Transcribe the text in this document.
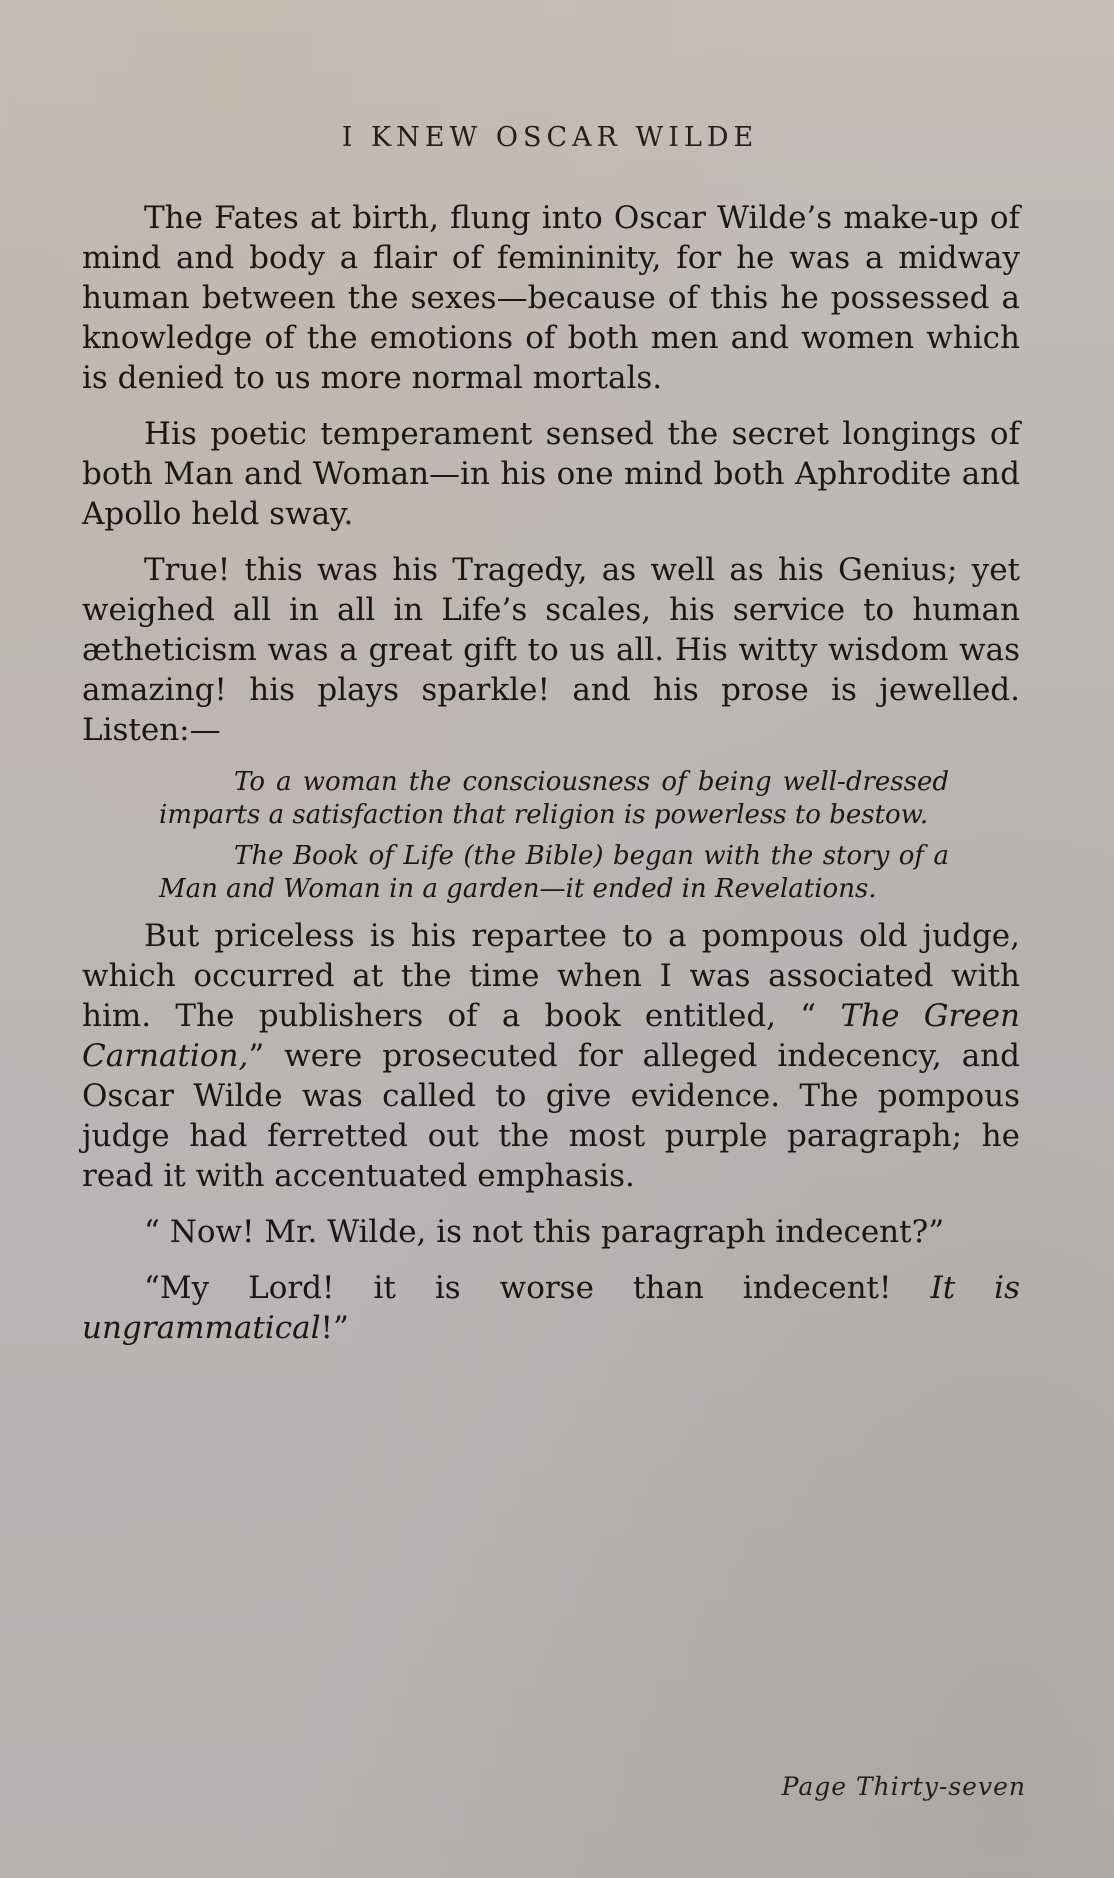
I KNEW OSCAR WILDE

The Fates at birth, flung into Oscar Wilde’s make-up of mind and body a flair of femininity, for he was a midway human between the sexes—because of this he possessed a knowledge of the emotions of both men and women which is denied to us more normal mortals.

His poetic temperament sensed the secret longings of both Man and Woman—in his one mind both Aphrodite and Apollo held sway.

True! this was his Tragedy, as well as his Genius; yet weighed all in all in Life’s scales, his service to human ætheticism was a great gift to us all. His witty wisdom was amazing! his plays sparkle! and his prose is jewelled. Listen:—

To a woman the consciousness of being well-dressed imparts a satisfaction that religion is powerless to bestow.

The Book of Life (the Bible) began with the story of a Man and Woman in a garden—it ended in Revelations.

But priceless is his repartee to a pompous old judge, which occurred at the time when I was associated with him. The publishers of a book entitled, “ The Green Carnation,” were prosecuted for alleged indecency, and Oscar Wilde was called to give evidence. The pompous judge had ferretted out the most purple paragraph; he read it with accentuated emphasis.

“ Now! Mr. Wilde, is not this paragraph indecent?”

“My Lord! it is worse than indecent! It is ungrammatical!”

Page Thirty-seven
